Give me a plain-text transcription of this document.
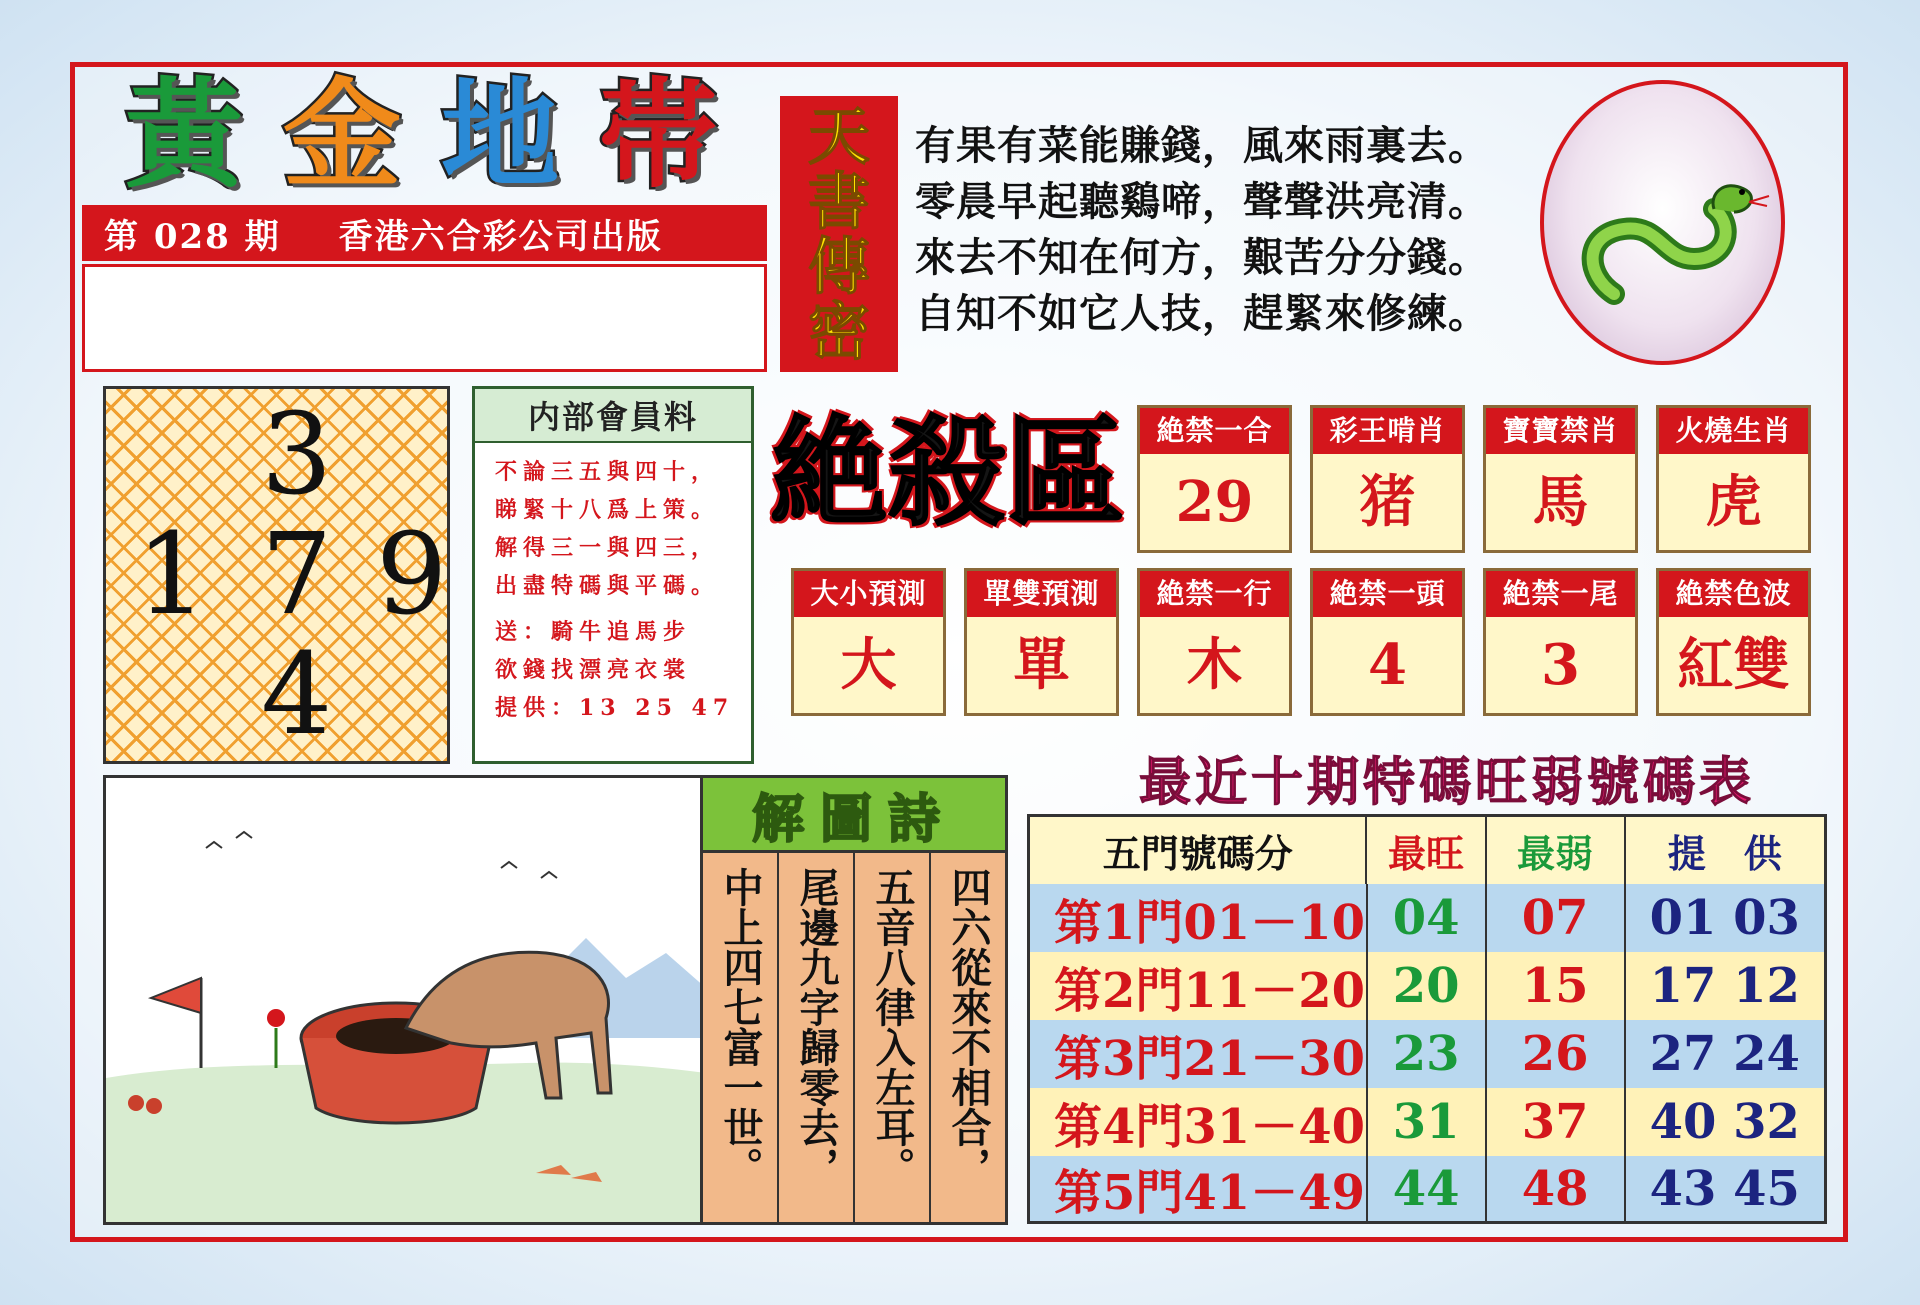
黃 金 地 帯
第 028 期 香港六合彩公司出版
天
書
傳
密
有果有菜能賺錢，風來雨裏去。
零晨早起聽鷄啼，聲聲洪亮清。
來去不知在何方，艱苦分分錢。
自知不如它人技，趕緊來修練。
3
1 7 9
4
内部會員料
不論三五與四十，
睇緊十八爲上策。
解得三一與四三，
出盡特碼與平碼。
送：騎牛追馬步
欲錢找漂亮衣裳
提供：13 25 47
絶 殺 區	絶禁一合
29
彩王啃肖
猪
寶寶禁肖
馬
火燒生肖
虎
大小預測
大
單雙預測
單
絶禁一行
木
絶禁一頭
4
絶禁一尾
3
絶禁色波
紅雙
解圖詩
四六從來不相合，
五音八律入左耳。
尾邊九字歸零去，
中上四七富一世。
最近十期特碼旺弱號碼表
五門號碼分	最旺	最弱	提　供
第1門01－10 04	07	01 03
第2門11－20 20	15	17 12
第3門21－30 23	26	27 24
第4門31－40 31	37	40 32
第5門41－49 44	48	43 45
